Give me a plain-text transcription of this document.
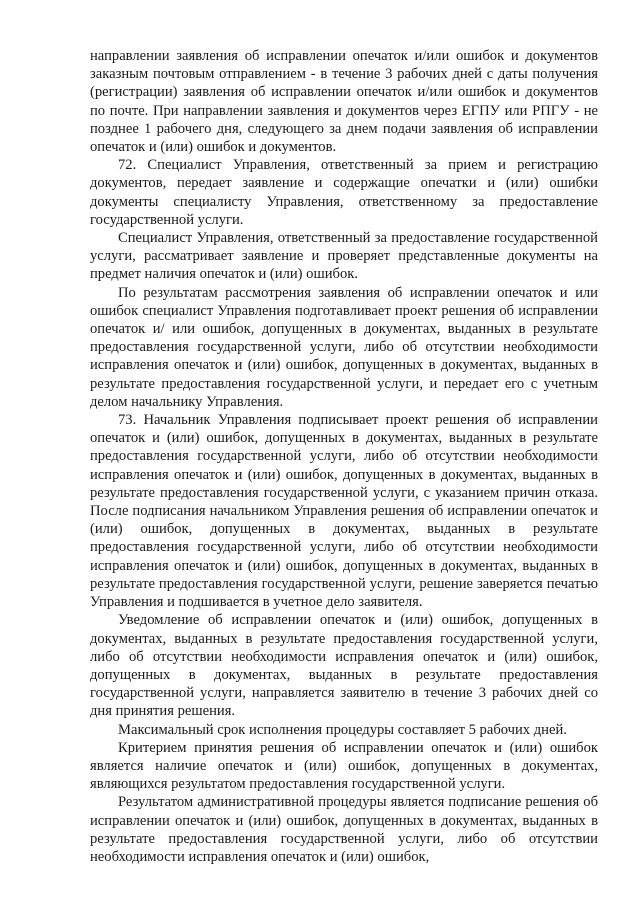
направлении заявления об исправлении опечаток и/или ошибок и документов заказным почтовым отправлением - в течение 3 рабочих дней с даты получения (регистрации) заявления об исправлении опечаток и/или ошибок и документов по почте. При направлении заявления и документов через ЕГПУ или РПГУ - не позднее 1 рабочего дня, следующего за днем подачи заявления об исправлении опечаток и (или) ошибок и документов.

72. Специалист Управления, ответственный за прием и регистрацию документов, передает заявление и содержащие опечатки и (или) ошибки документы специалисту Управления, ответственному за предоставление государственной услуги.

Специалист Управления, ответственный за предоставление государственной услуги, рассматривает заявление и проверяет представленные документы на предмет наличия опечаток и (или) ошибок.

По результатам рассмотрения заявления об исправлении опечаток и или ошибок специалист Управления подготавливает проект решения об исправлении опечаток и/ или ошибок, допущенных в документах, выданных в результате предоставления государственной услуги, либо об отсутствии необходимости исправления опечаток и (или) ошибок, допущенных в документах, выданных в результате предоставления государственной услуги, и передает его с учетным делом начальнику Управления.

73. Начальник Управления подписывает проект решения об исправлении опечаток и (или) ошибок, допущенных в документах, выданных в результате предоставления государственной услуги, либо об отсутствии необходимости исправления опечаток и (или) ошибок, допущенных в документах, выданных в результате предоставления государственной услуги, с указанием причин отказа. После подписания начальником Управления решения об исправлении опечаток и (или) ошибок, допущенных в документах, выданных в результате предоставления государственной услуги, либо об отсутствии необходимости исправления опечаток и (или) ошибок, допущенных в документах, выданных в результате предоставления государственной услуги, решение заверяется печатью Управления и подшивается в учетное дело заявителя.

Уведомление об исправлении опечаток и (или) ошибок, допущенных в документах, выданных в результате предоставления государственной услуги, либо об отсутствии необходимости исправления опечаток и (или) ошибок, допущенных в документах, выданных в результате предоставления государственной услуги, направляется заявителю в течение 3 рабочих дней со дня принятия решения.

Максимальный срок исполнения процедуры составляет 5 рабочих дней.

Критерием принятия решения об исправлении опечаток и (или) ошибок является наличие опечаток и (или) ошибок, допущенных в документах, являющихся результатом предоставления государственной услуги.

Результатом административной процедуры является подписание решения об исправлении опечаток и (или) ошибок, допущенных в документах, выданных в результате предоставления государственной услуги, либо об отсутствии необходимости исправления опечаток и (или) ошибок,
